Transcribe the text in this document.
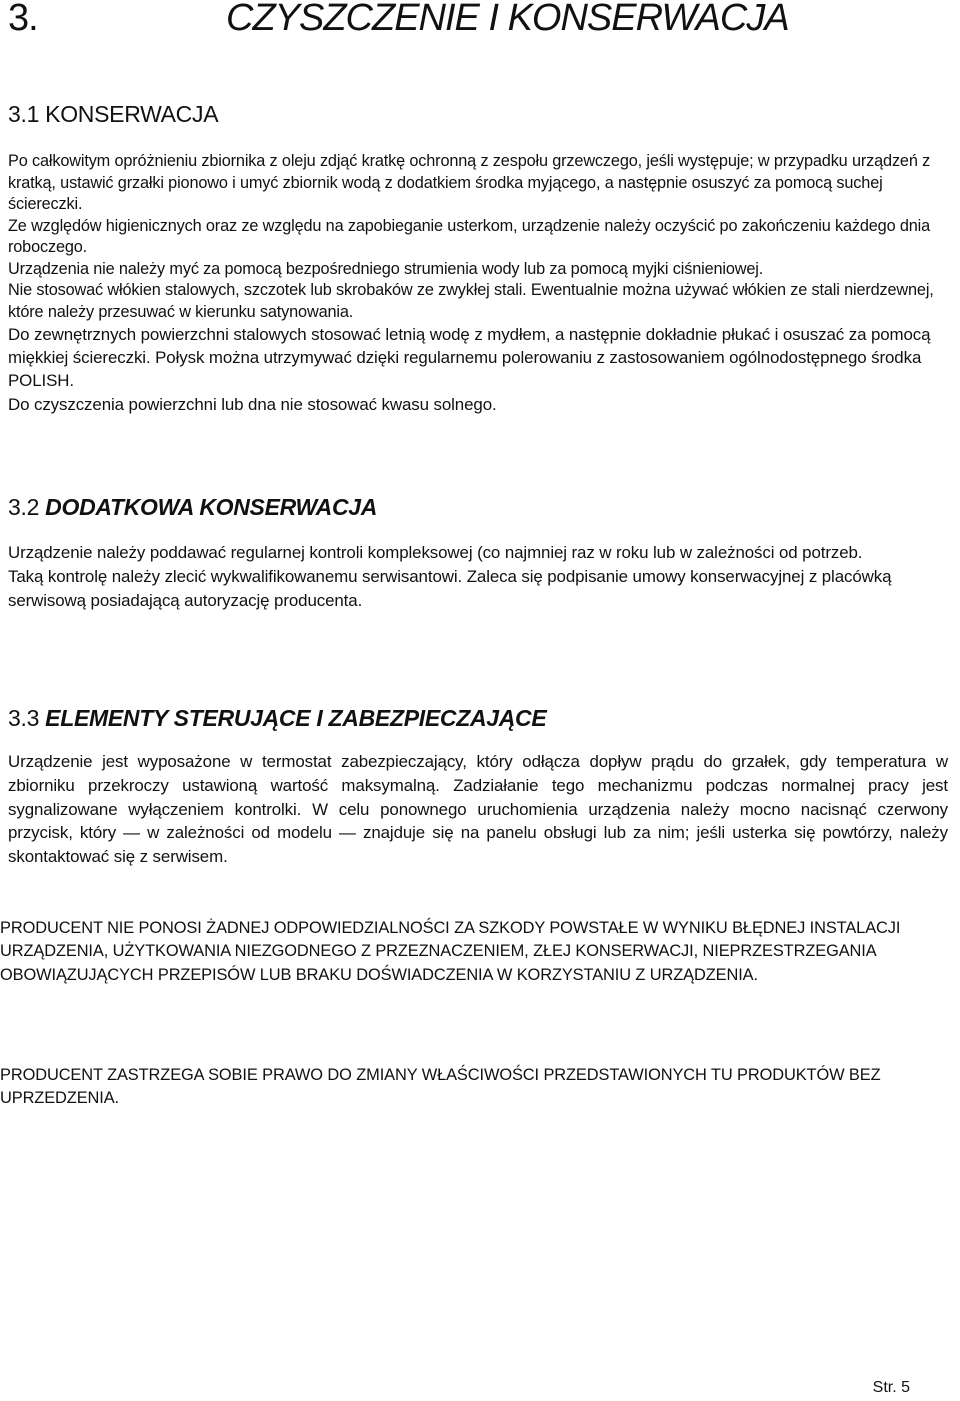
3.	CZYSZCZENIE I KONSERWACJA
3.1 KONSERWACJA

Po całkowitym opróżnieniu zbiornika z oleju zdjąć kratkę ochronną z zespołu grzewczego, jeśli występuje; w przypadku urządzeń z kratką, ustawić grzałki pionowo i umyć zbiornik wodą z dodatkiem środka myjącego, a następnie osuszyć za pomocą suchej ściereczki.

Ze względów higienicznych oraz ze względu na zapobieganie usterkom, urządzenie należy oczyścić po zakończeniu każdego dnia roboczego.

Urządzenia nie należy myć za pomocą bezpośredniego strumienia wody lub za pomocą myjki ciśnieniowej.

Nie stosować włókien stalowych, szczotek lub skrobaków ze zwykłej stali. Ewentualnie można używać włókien ze stali nierdzewnej, które należy przesuwać w kierunku satynowania.

Do zewnętrznych powierzchni stalowych stosować letnią wodę z mydłem, a następnie dokładnie płukać i osuszać za pomocą miękkiej ściereczki. Połysk można utrzymywać dzięki regularnemu polerowaniu z zastosowaniem ogólnodostępnego środka POLISH.

Do czyszczenia powierzchni lub dna nie stosować kwasu solnego.

3.2 DODATKOWA KONSERWACJA

Urządzenie należy poddawać regularnej kontroli kompleksowej (co najmniej raz w roku lub w zależności od potrzeb.

Taką kontrolę należy zlecić wykwalifikowanemu serwisantowi. Zaleca się podpisanie umowy konserwacyjnej z placówką serwisową posiadającą autoryzację producenta.

3.3 ELEMENTY STERUJĄCE I ZABEZPIECZAJĄCE

Urządzenie jest wyposażone w termostat zabezpieczający, który odłącza dopływ prądu do grzałek, gdy temperatura w zbiorniku przekroczy ustawioną wartość maksymalną. Zadziałanie tego mechanizmu podczas normalnej pracy jest sygnalizowane wyłączeniem kontrolki. W celu ponownego uruchomienia urządzenia należy mocno nacisnąć czerwony przycisk, który — w zależności od modelu — znajduje się na panelu obsługi lub za nim; jeśli usterka się powtórzy, należy skontaktować się z serwisem.

PRODUCENT NIE PONOSI ŻADNEJ ODPOWIEDZIALNOŚCI ZA SZKODY POWSTAŁE W WYNIKU BŁĘDNEJ INSTALACJI URZĄDZENIA, UŻYTKOWANIA NIEZGODNEGO Z PRZEZNACZENIEM, ZŁEJ KONSERWACJI, NIEPRZESTRZEGANIA OBOWIĄZUJĄCYCH PRZEPISÓW LUB BRAKU DOŚWIADCZENIA W KORZYSTANIU Z URZĄDZENIA.

PRODUCENT ZASTRZEGA SOBIE PRAWO DO ZMIANY WŁAŚCIWOŚCI PRZEDSTAWIONYCH TU PRODUKTÓW BEZ UPRZEDZENIA.

Str. 5
